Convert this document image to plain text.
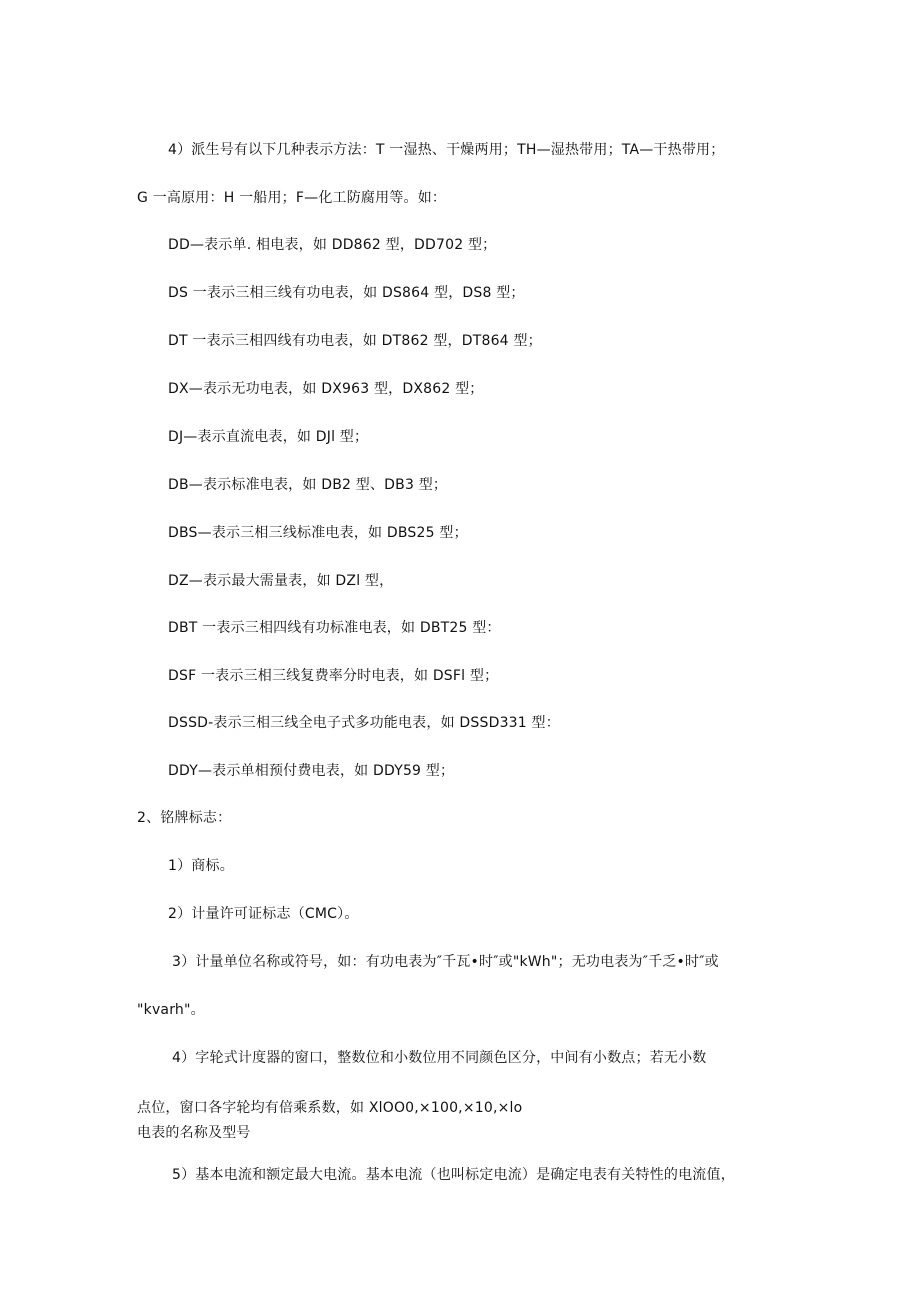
4）派生号有以下几种表示方法：T 一湿热、干燥两用；TH—湿热带用；TA—干热带用；
G 一高原用：H 一船用；F—化工防腐用等。如：
DD—表示单. 相电表，如 DD862 型，DD702 型；
DS 一表示三相三线有功电表，如 DS864 型，DS8 型；
DT 一表示三相四线有功电表，如 DT862 型，DT864 型；
DX—表示无功电表，如 DX963 型，DX862 型；
DJ—表示直流电表，如 DJl 型；
DB—表示标准电表，如 DB2 型、DB3 型；
DBS—表示三相三线标准电表，如 DBS25 型；
DZ—表示最大需量表，如 DZl 型，
DBT 一表示三相四线有功标准电表，如 DBT25 型：
DSF 一表示三相三线复费率分时电表，如 DSFl 型；
DSSD-表示三相三线全电子式多功能电表，如 DSSD331 型：
DDY—表示单相预付费电表，如 DDY59 型；
2、铭牌标志：
1）商标。
2）计量许可证标志（CMC）。
3）计量单位名称或符号，如：有功电表为″千瓦•时″或"kWh"；无功电表为″千乏•时″或
"kvarh"。
4）字轮式计度器的窗口，整数位和小数位用不同颜色区分，中间有小数点；若无小数
点位，窗口各字轮均有倍乘系数，如 XlOO0,×100,×10,×lo
电表的名称及型号
5）基本电流和额定最大电流。基本电流（也叫标定电流）是确定电表有关特性的电流值，
